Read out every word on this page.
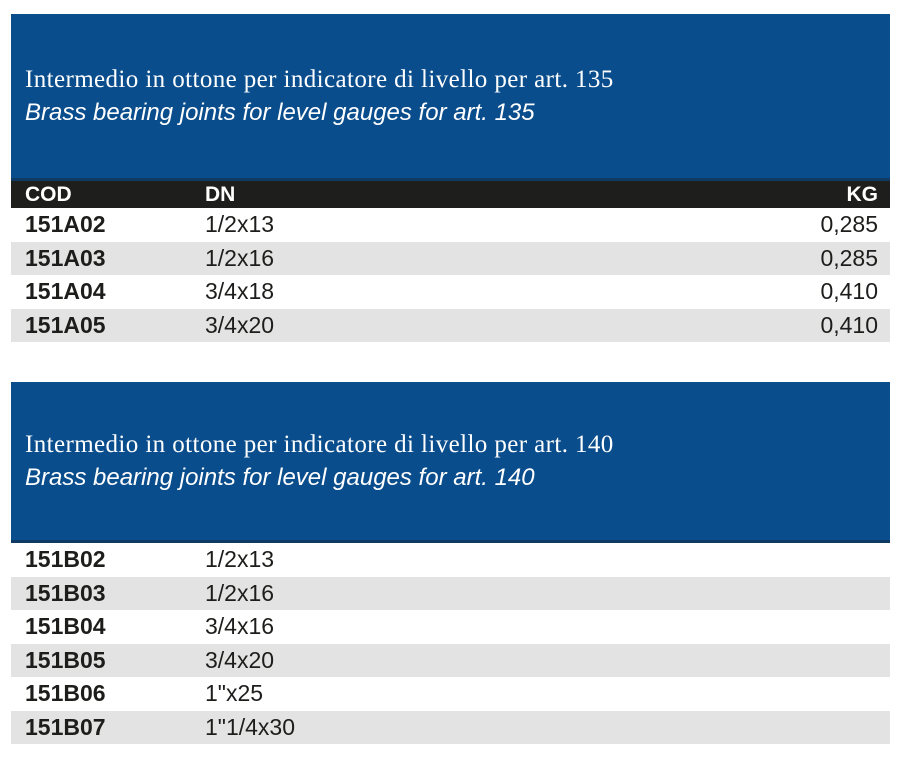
Intermedio in ottone per indicatore di livello per art. 135
Brass bearing joints for level gauges for art. 135
COD	DN	KG
151A02	1/2x13	0,285
151A03	1/2x16	0,285
151A04	3/4x18	0,410
151A05	3/4x20	0,410
Intermedio in ottone per indicatore di livello per art. 140
Brass bearing joints for level gauges for art. 140
151B02	1/2x13
151B03	1/2x16
151B04	3/4x16
151B05	3/4x20
151B06	1"x25
151B07	1"1/4x30
